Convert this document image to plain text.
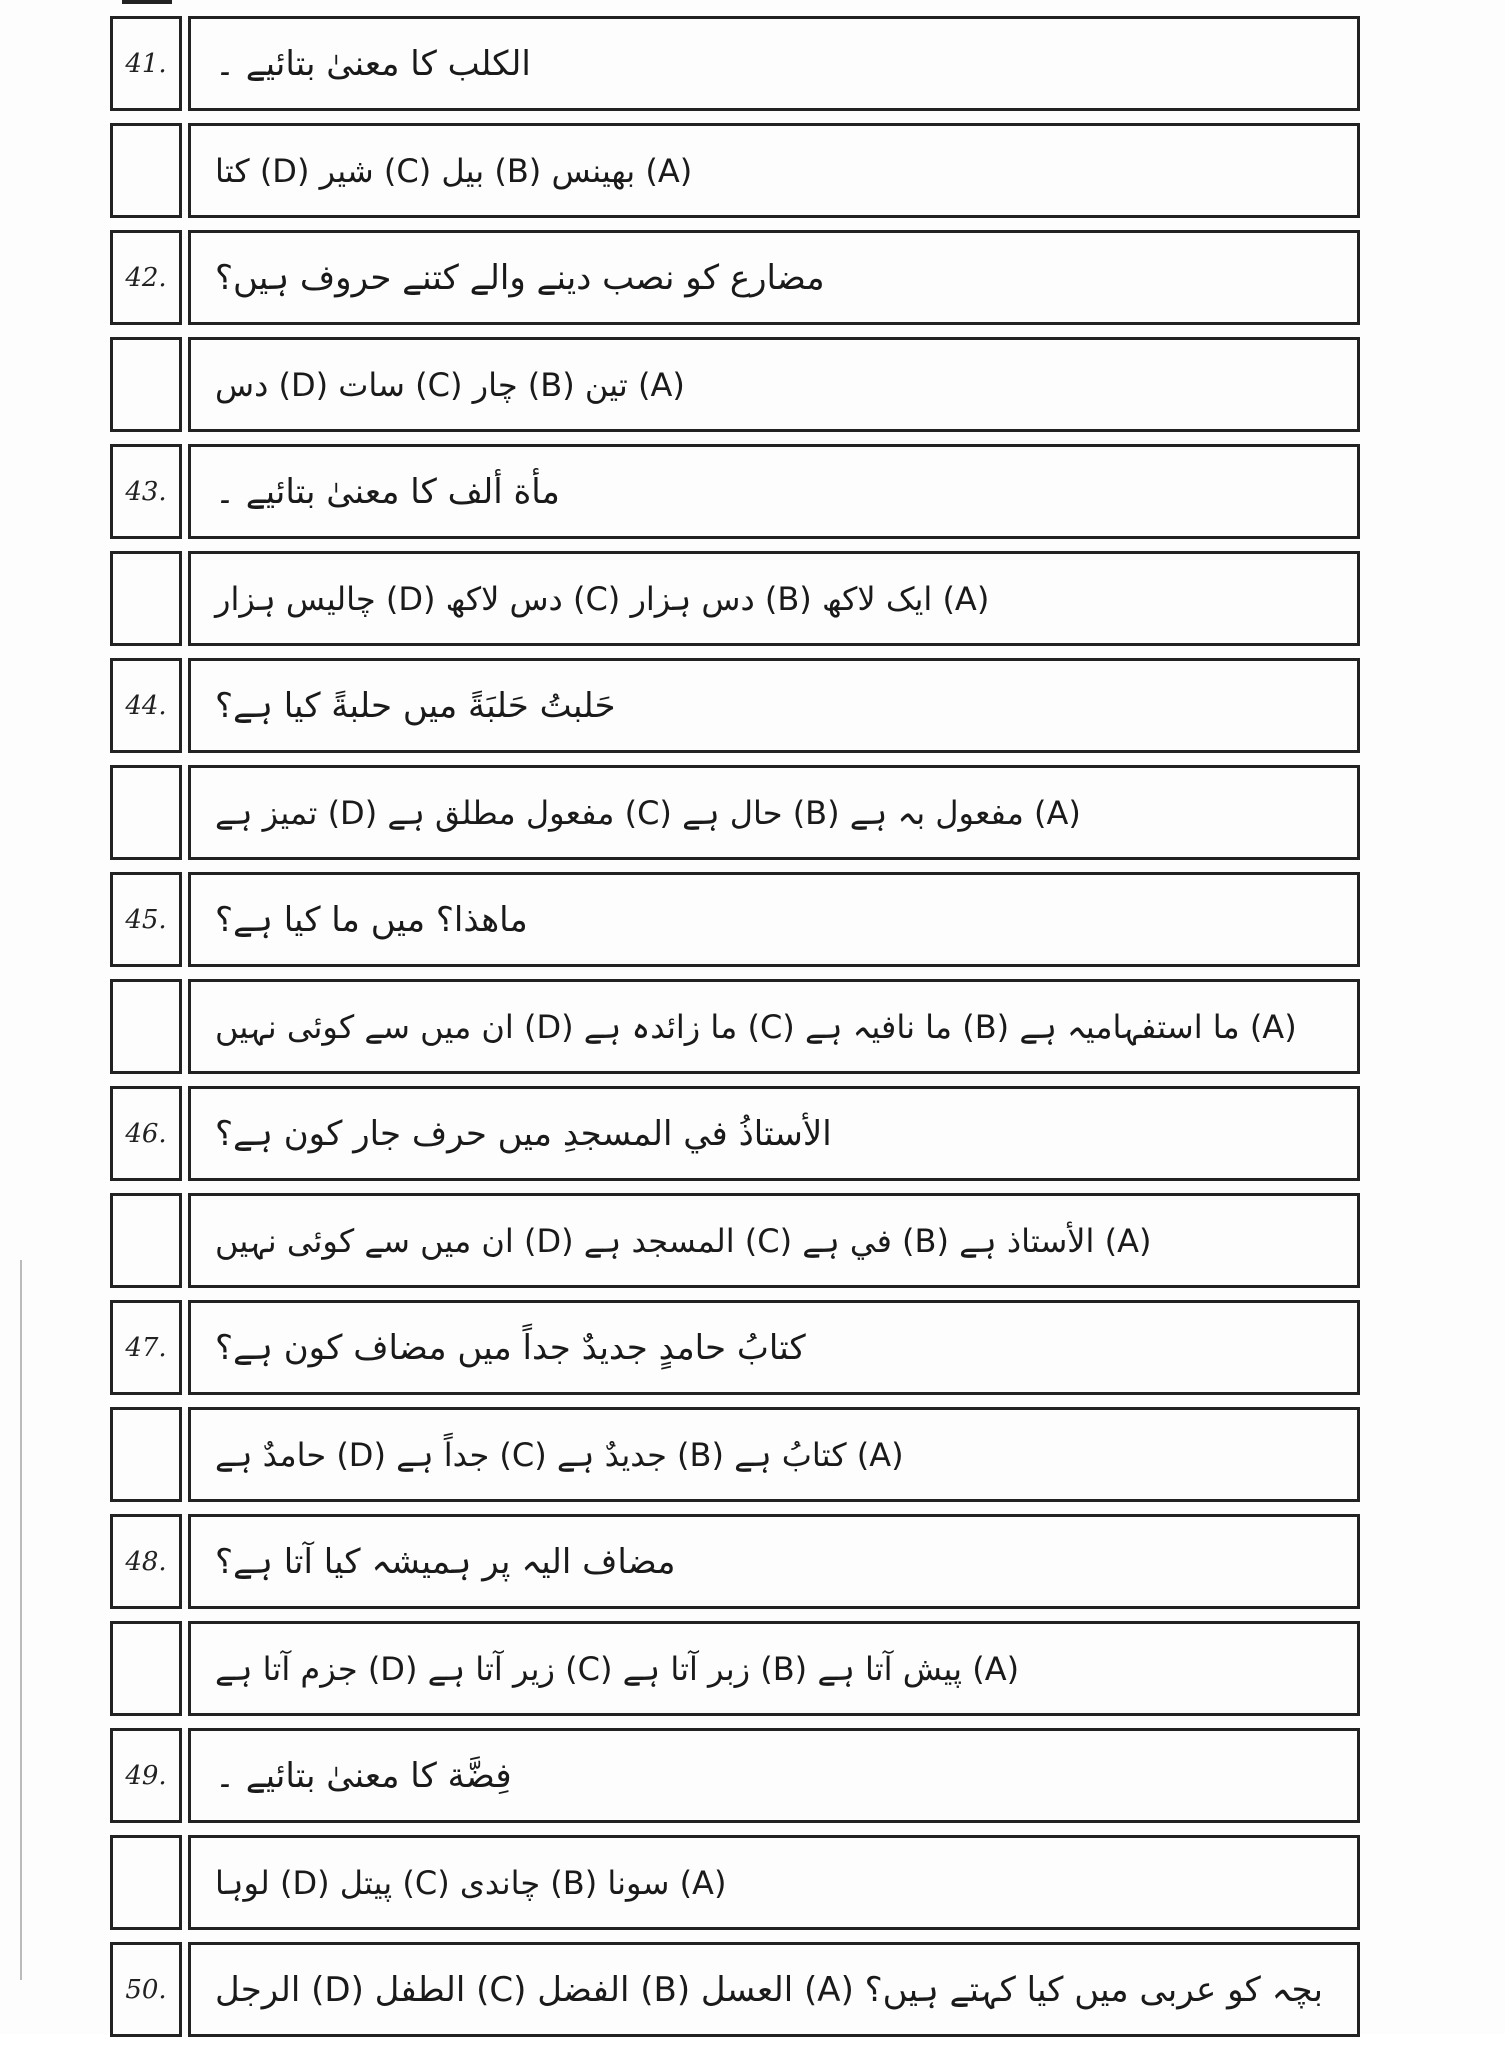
41.	الكلب کا معنیٰ بتائیے ۔
(A) بھینس (B) بیل (C) شیر (D) کتا
42.	مضارع کو نصب دینے والے کتنے حروف ہیں؟
(A) تین (B) چار (C) سات (D) دس
43.	مأة ألف کا معنیٰ بتائیے ۔
(A) ایک لاکھ (B) دس ہزار (C) دس لاکھ (D) چالیس ہزار
44.	حَلبتُ حَلبَةً میں حلبةً کیا ہے؟
(A) مفعول بہ ہے (B) حال ہے (C) مفعول مطلق ہے (D) تمیز ہے
45.	ماھذا؟ میں ما کیا ہے؟
(A) ما استفہامیہ ہے (B) ما نافیہ ہے (C) ما زائدہ ہے (D) ان میں سے کوئی نہیں
46.	الأستاذُ في المسجدِ میں حرف جار کون ہے؟
(A) الأستاذ ہے (B) في ہے (C) المسجد ہے (D) ان میں سے کوئی نہیں
47.	كتابُ حامدٍ جديدٌ جداً میں مضاف کون ہے؟
(A) کتابُ ہے (B) جدیدٌ ہے (C) جداً ہے (D) حامدٌ ہے
48.	مضاف الیہ پر ہمیشہ کیا آتا ہے؟
(A) پیش آتا ہے (B) زبر آتا ہے (C) زیر آتا ہے (D) جزم آتا ہے
49.	فِضَّة کا معنیٰ بتائیے ۔
(A) سونا (B) چاندی (C) پیتل (D) لوہا
50.	بچہ کو عربی میں کیا کہتے ہیں؟ (A) العسل (B) الفضل (C) الطفل (D) الرجل
